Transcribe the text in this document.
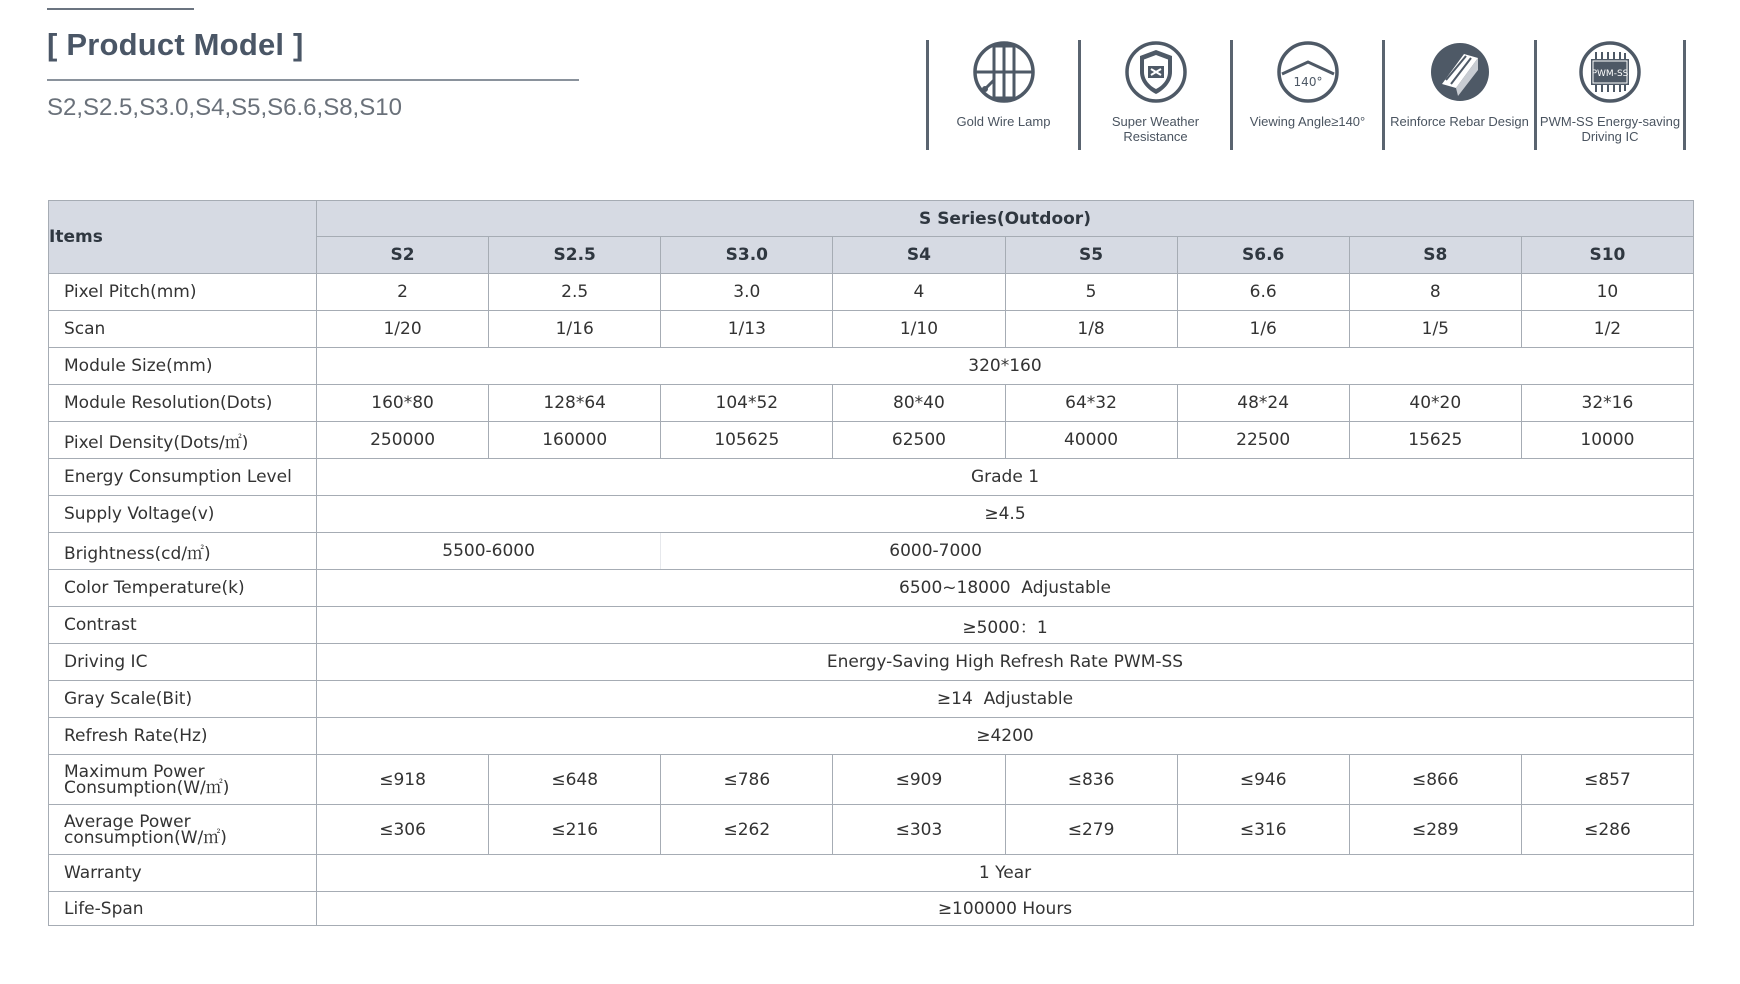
[ Product Model ]
S2,S2.5,S3.0,S4,S5,S6.6,S8,S10
Gold Wire Lamp	Super Weather Resistance
140°
Viewing Angle≥140°	Reinforce Rebar Design
PWM-SS
PWM-SS Energy-saving Driving IC
Items	S Series(Outdoor)							
	S2	S2.5	S3.0	S4	S5	S6.6	S8	S10
Pixel Pitch(mm)	2	2.5	3.0	4	5	6.6	8	10
Scan	1/20	1/16	1/13	1/10	1/8	1/6	1/5	1/2
Module Size(mm)	320*160							
Module Resolution(Dots)	160*80	128*64	104*52	80*40	64*32	48*24	40*20	32*16
Pixel Density(Dots/㎡)	250000	160000	105625	62500	40000	22500	15625	10000
Energy Consumption Level	Grade 1							
Supply Voltage(v)	≥4.5							
Brightness(cd/㎡)	5500-6000		6000-7000					
Color Temperature(k)	6500~18000  Adjustable							
Contrast	≥5000：1							
Driving IC	Energy-Saving High Refresh Rate PWM-SS							
Gray Scale(Bit)	≥14  Adjustable							
Refresh Rate(Hz)	≥4200							

Maximum Power
Consumption(W/㎡)	≤918	≤648	≤786	≤909	≤836	≤946	≤866	≤857

Average Power
consumption(W/㎡)	≤306	≤216	≤262	≤303	≤279	≤316	≤289	≤286
Warranty	1 Year							
Life-Span	≥100000 Hours							
